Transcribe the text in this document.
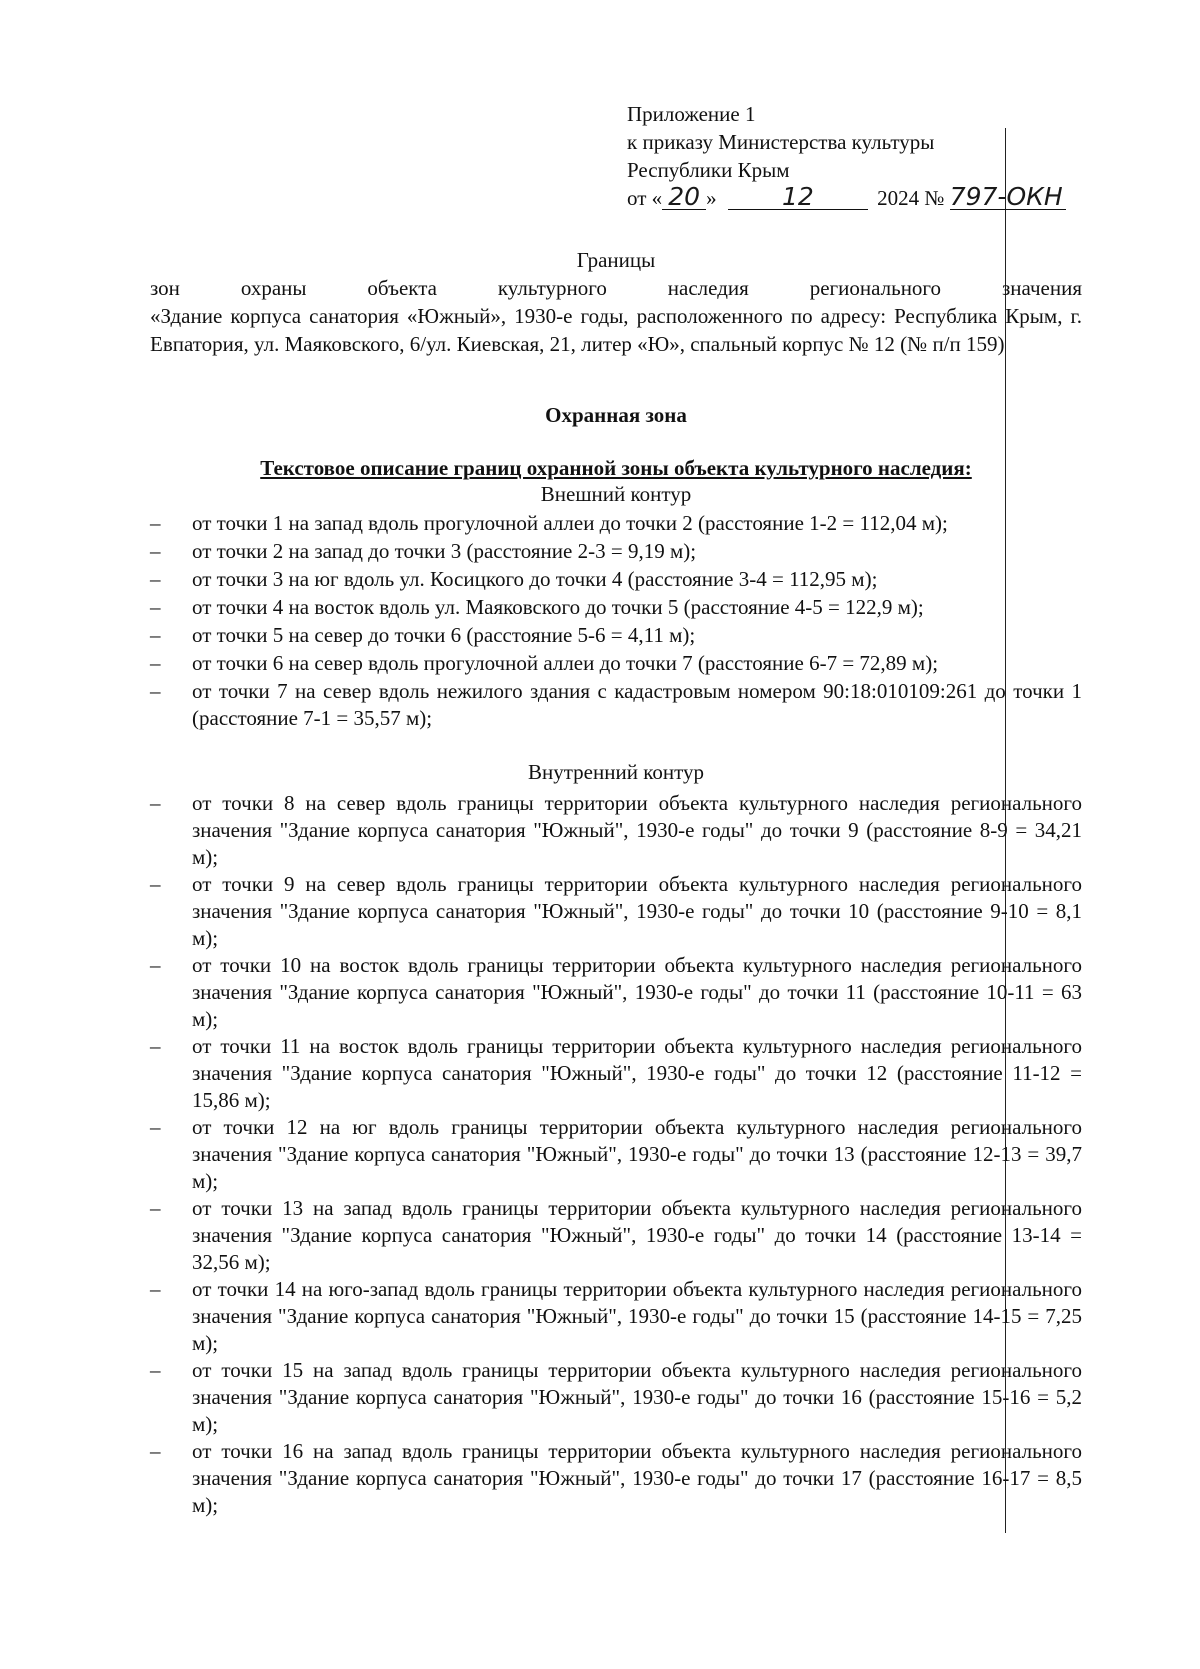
Приложение 1
к приказу Министерства культуры
Республики Крым
от « 20 »	12	2024 № 797-ОКН
Границы
зон охраны объекта культурного наследия регионального значения
«Здание корпуса санатория «Южный», 1930-е годы, расположенного по адресу: Республика Крым, г. Евпатория, ул. Маяковского, 6/ул. Киевская, 21, литер «Ю», спальный корпус № 12 (№ п/п 159)
Охранная зона
Текстовое описание границ охранной зоны объекта культурного наследия:
Внешний контур
–	от точки 1 на запад вдоль прогулочной аллеи до точки 2 (расстояние 1-2 = 112,04 м);
–	от точки 2 на запад до точки 3 (расстояние 2-3 = 9,19 м);
–	от точки 3 на юг вдоль ул. Косицкого до точки 4 (расстояние 3-4 = 112,95 м);
–	от точки 4 на восток вдоль ул. Маяковского до точки 5 (расстояние 4-5 = 122,9 м);
–	от точки 5 на север до точки 6 (расстояние 5-6 = 4,11 м);
–	от точки 6 на север вдоль прогулочной аллеи до точки 7 (расстояние 6-7 = 72,89 м);
–	от точки 7 на север вдоль нежилого здания с кадастровым номером 90:18:010109:261 до точки 1 (расстояние 7-1 = 35,57 м);
Внутренний контур
–	от точки 8 на север вдоль границы территории объекта культурного наследия регионального значения "Здание корпуса санатория "Южный", 1930-е годы" до точки 9 (расстояние 8-9 = 34,21 м);
–	от точки 9 на север вдоль границы территории объекта культурного наследия регионального значения "Здание корпуса санатория "Южный", 1930-е годы" до точки 10 (расстояние 9-10 = 8,1 м);
–	от точки 10 на восток вдоль границы территории объекта культурного наследия регионального значения "Здание корпуса санатория "Южный", 1930-е годы" до точки 11 (расстояние 10-11 = 63 м);
–	от точки 11 на восток вдоль границы территории объекта культурного наследия регионального значения "Здание корпуса санатория "Южный", 1930-е годы" до точки 12 (расстояние 11-12 = 15,86 м);
–	от точки 12 на юг вдоль границы территории объекта культурного наследия регионального значения "Здание корпуса санатория "Южный", 1930-е годы" до точки 13 (расстояние 12-13 = 39,7 м);
–	от точки 13 на запад вдоль границы территории объекта культурного наследия регионального значения "Здание корпуса санатория "Южный", 1930-е годы" до точки 14 (расстояние 13-14 = 32,56 м);
–	от точки 14 на юго-запад вдоль границы территории объекта культурного наследия регионального значения "Здание корпуса санатория "Южный", 1930-е годы" до точки 15 (расстояние 14-15 = 7,25 м);
–	от точки 15 на запад вдоль границы территории объекта культурного наследия регионального значения "Здание корпуса санатория "Южный", 1930-е годы" до точки 16 (расстояние 15-16 = 5,2 м);
–	от точки 16 на запад вдоль границы территории объекта культурного наследия регионального значения "Здание корпуса санатория "Южный", 1930-е годы" до точки 17 (расстояние 16-17 = 8,5 м);
